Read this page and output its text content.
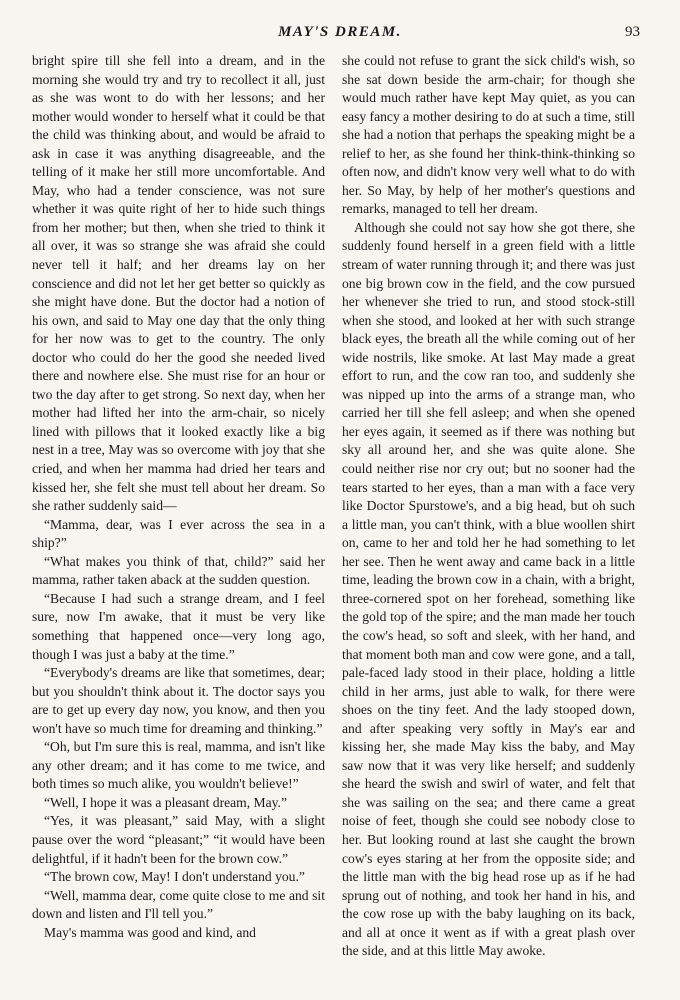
MAY'S DREAM.	93

bright spire till she fell into a dream, and in the morning she would try and try to recollect it all, just as she was wont to do with her lessons; and her mother would wonder to herself what it could be that the child was thinking about, and would be afraid to ask in case it was anything disagreeable, and the telling of it make her still more uncomfortable. And May, who had a tender conscience, was not sure whether it was quite right of her to hide such things from her mother; but then, when she tried to think it all over, it was so strange she was afraid she could never tell it half; and her dreams lay on her conscience and did not let her get better so quickly as she might have done. But the doctor had a notion of his own, and said to May one day that the only thing for her now was to get to the country. The only doctor who could do her the good she needed lived there and nowhere else. She must rise for an hour or two the day after to get strong. So next day, when her mother had lifted her into the arm-chair, so nicely lined with pillows that it looked exactly like a big nest in a tree, May was so overcome with joy that she cried, and when her mamma had dried her tears and kissed her, she felt she must tell about her dream. So she rather suddenly said—

“Mamma, dear, was I ever across the sea in a ship?”

“What makes you think of that, child?” said her mamma, rather taken aback at the sudden question.

“Because I had such a strange dream, and I feel sure, now I'm awake, that it must be very like something that happened once—very long ago, though I was just a baby at the time.”

“Everybody's dreams are like that sometimes, dear; but you shouldn't think about it. The doctor says you are to get up every day now, you know, and then you won't have so much time for dreaming and thinking.”

“Oh, but I'm sure this is real, mamma, and isn't like any other dream; and it has come to me twice, and both times so much alike, you wouldn't believe!”

“Well, I hope it was a pleasant dream, May.”

“Yes, it was pleasant,” said May, with a slight pause over the word “pleasant;” “it would have been delightful, if it hadn't been for the brown cow.”

“The brown cow, May! I don't understand you.”

“Well, mamma dear, come quite close to me and sit down and listen and I'll tell you.”

May's mamma was good and kind, and

she could not refuse to grant the sick child's wish, so she sat down beside the arm-chair; for though she would much rather have kept May quiet, as you can easy fancy a mother desiring to do at such a time, still she had a notion that perhaps the speaking might be a relief to her, as she found her think-think-thinking so often now, and didn't know very well what to do with her. So May, by help of her mother's questions and remarks, managed to tell her dream.

Although she could not say how she got there, she suddenly found herself in a green field with a little stream of water running through it; and there was just one big brown cow in the field, and the cow pursued her whenever she tried to run, and stood stock-still when she stood, and looked at her with such strange black eyes, the breath all the while coming out of her wide nostrils, like smoke. At last May made a great effort to run, and the cow ran too, and suddenly she was nipped up into the arms of a strange man, who carried her till she fell asleep; and when she opened her eyes again, it seemed as if there was nothing but sky all around her, and she was quite alone. She could neither rise nor cry out; but no sooner had the tears started to her eyes, than a man with a face very like Doctor Spurstowe's, and a big head, but oh such a little man, you can't think, with a blue woollen shirt on, came to her and told her he had something to let her see. Then he went away and came back in a little time, leading the brown cow in a chain, with a bright, three-cornered spot on her forehead, something like the gold top of the spire; and the man made her touch the cow's head, so soft and sleek, with her hand, and that moment both man and cow were gone, and a tall, pale-faced lady stood in their place, holding a little child in her arms, just able to walk, for there were shoes on the tiny feet. And the lady stooped down, and after speaking very softly in May's ear and kissing her, she made May kiss the baby, and May saw now that it was very like herself; and suddenly she heard the swish and swirl of water, and felt that she was sailing on the sea; and there came a great noise of feet, though she could see nobody close to her. But looking round at last she caught the brown cow's eyes staring at her from the opposite side; and the little man with the big head rose up as if he had sprung out of nothing, and took her hand in his, and the cow rose up with the baby laughing on its back, and all at once it went as if with a great plash over the side, and at this little May awoke.
